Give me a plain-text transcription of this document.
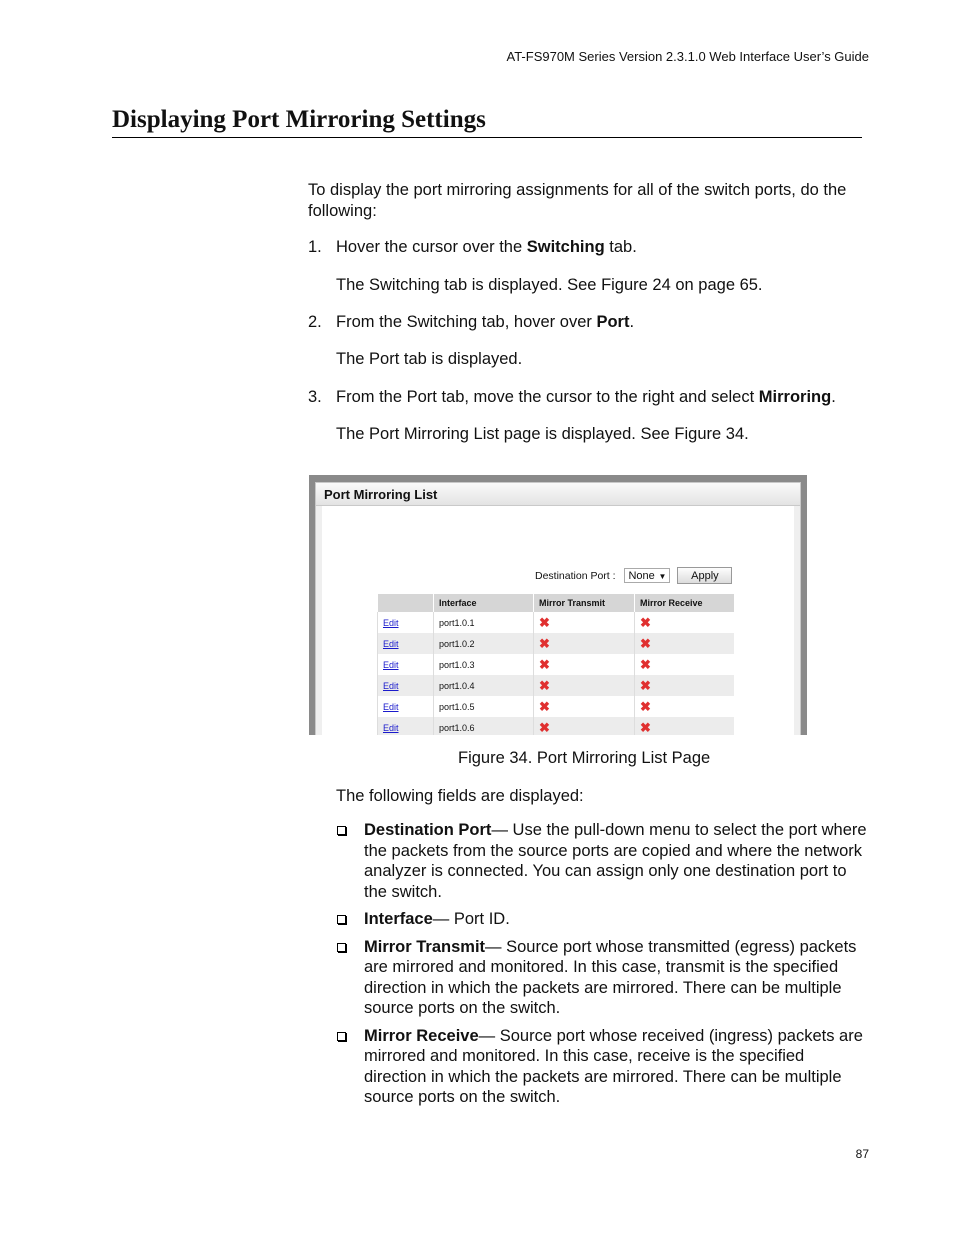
AT-FS970M Series Version 2.3.1.0 Web Interface User’s Guide
Displaying Port Mirroring Settings
To display the port mirroring assignments for all of the switch ports, do the following:
1. Hover the cursor over the Switching tab.
The Switching tab is displayed. See Figure 24 on page 65.
2. From the Switching tab, hover over Port.
The Port tab is displayed.
3. From the Port tab, move the cursor to the right and select Mirroring.
The Port Mirroring List page is displayed. See Figure 34.
Port Mirroring List
Destination Port : None ▼ Apply
	Interface	Mirror Transmit	Mirror Receive
Edit	port1.0.1	✖	✖
Edit	port1.0.2	✖	✖
Edit	port1.0.3	✖	✖
Edit	port1.0.4	✖	✖
Edit	port1.0.5	✖	✖
Edit	port1.0.6	✖	✖
Figure 34. Port Mirroring List Page
The following fields are displayed:
Destination Port— Use the pull-down menu to select the port where the packets from the source ports are copied and where the network analyzer is connected. You can assign only one destination port to the switch.
Interface— Port ID.
Mirror Transmit— Source port whose transmitted (egress) packets are mirrored and monitored. In this case, transmit is the specified direction in which the packets are mirrored. There can be multiple source ports on the switch.
Mirror Receive— Source port whose received (ingress) packets are mirrored and monitored. In this case, receive is the specified direction in which the packets are mirrored. There can be multiple source ports on the switch.
87
